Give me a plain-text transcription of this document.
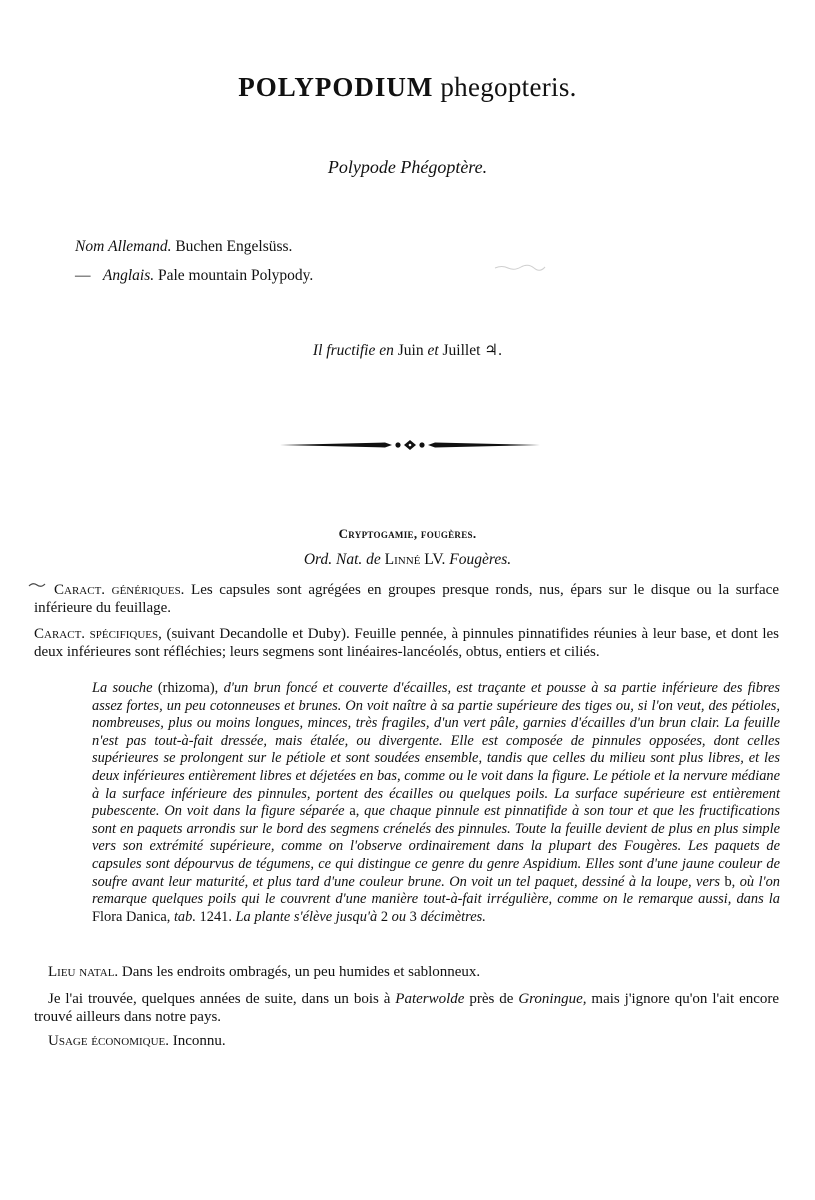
POLYPODIUM phegopteris.
Polypode Phégoptère.
Nom Allemand. Buchen Engelsüss.
— Anglais. Pale mountain Polypody.
Il fructifie en Juin et Juillet ♃.
Cryptogamie, fougères.
Ord. Nat. de Linné LV. Fougères.
Caract. génériques. Les capsules sont agrégées en groupes presque ronds, nus, épars sur le disque ou la surface inférieure du feuillage.
Caract. spécifiques, (suivant Decandolle et Duby). Feuille pennée, à pinnules pinnatifides réunies à leur base, et dont les deux inférieures sont réfléchies; leurs segmens sont linéaires-lancéolés, obtus, entiers et ciliés.
La souche (rhizoma), d'un brun foncé et couverte d'écailles, est traçante et pousse à sa partie inférieure des fibres assez fortes, un peu cotonneuses et brunes. On voit naître à sa partie supérieure des tiges ou, si l'on veut, des pétioles, nombreuses, plus ou moins longues, minces, très fragiles, d'un vert pâle, garnies d'écailles d'un brun clair. La feuille n'est pas tout-à-fait dressée, mais étalée, ou divergente. Elle est composée de pinnules opposées, dont celles supérieures se prolongent sur le pétiole et sont soudées ensemble, tandis que celles du milieu sont plus libres, et les deux inférieures entièrement libres et déjetées en bas, comme ou le voit dans la figure. Le pétiole et la nervure médiane à la surface inférieure des pinnules, portent des écailles ou quelques poils. La surface supérieure est entièrement pubescente. On voit dans la figure séparée a, que chaque pinnule est pinnatifide à son tour et que les fructifications sont en paquets arrondis sur le bord des segmens crénelés des pinnules. Toute la feuille devient de plus en plus simple vers son extrémité supérieure, comme on l'observe ordinairement dans la plupart des Fougères. Les paquets de capsules sont dépourvus de tégumens, ce qui distingue ce genre du genre Aspidium. Elles sont d'une jaune couleur de soufre avant leur maturité, et plus tard d'une couleur brune. On voit un tel paquet, dessiné à la loupe, vers b, où l'on remarque quelques poils qui le couvrent d'une manière tout-à-fait irrégulière, comme on le remarque aussi, dans la Flora Danica, tab. 1241. La plante s'élève jusqu'à 2 ou 3 décimètres.
Lieu natal. Dans les endroits ombragés, un peu humides et sablonneux.
Je l'ai trouvée, quelques années de suite, dans un bois à Paterwolde près de Groningue, mais j'ignore qu'on l'ait encore trouvé ailleurs dans notre pays.
Usage économique. Inconnu.
